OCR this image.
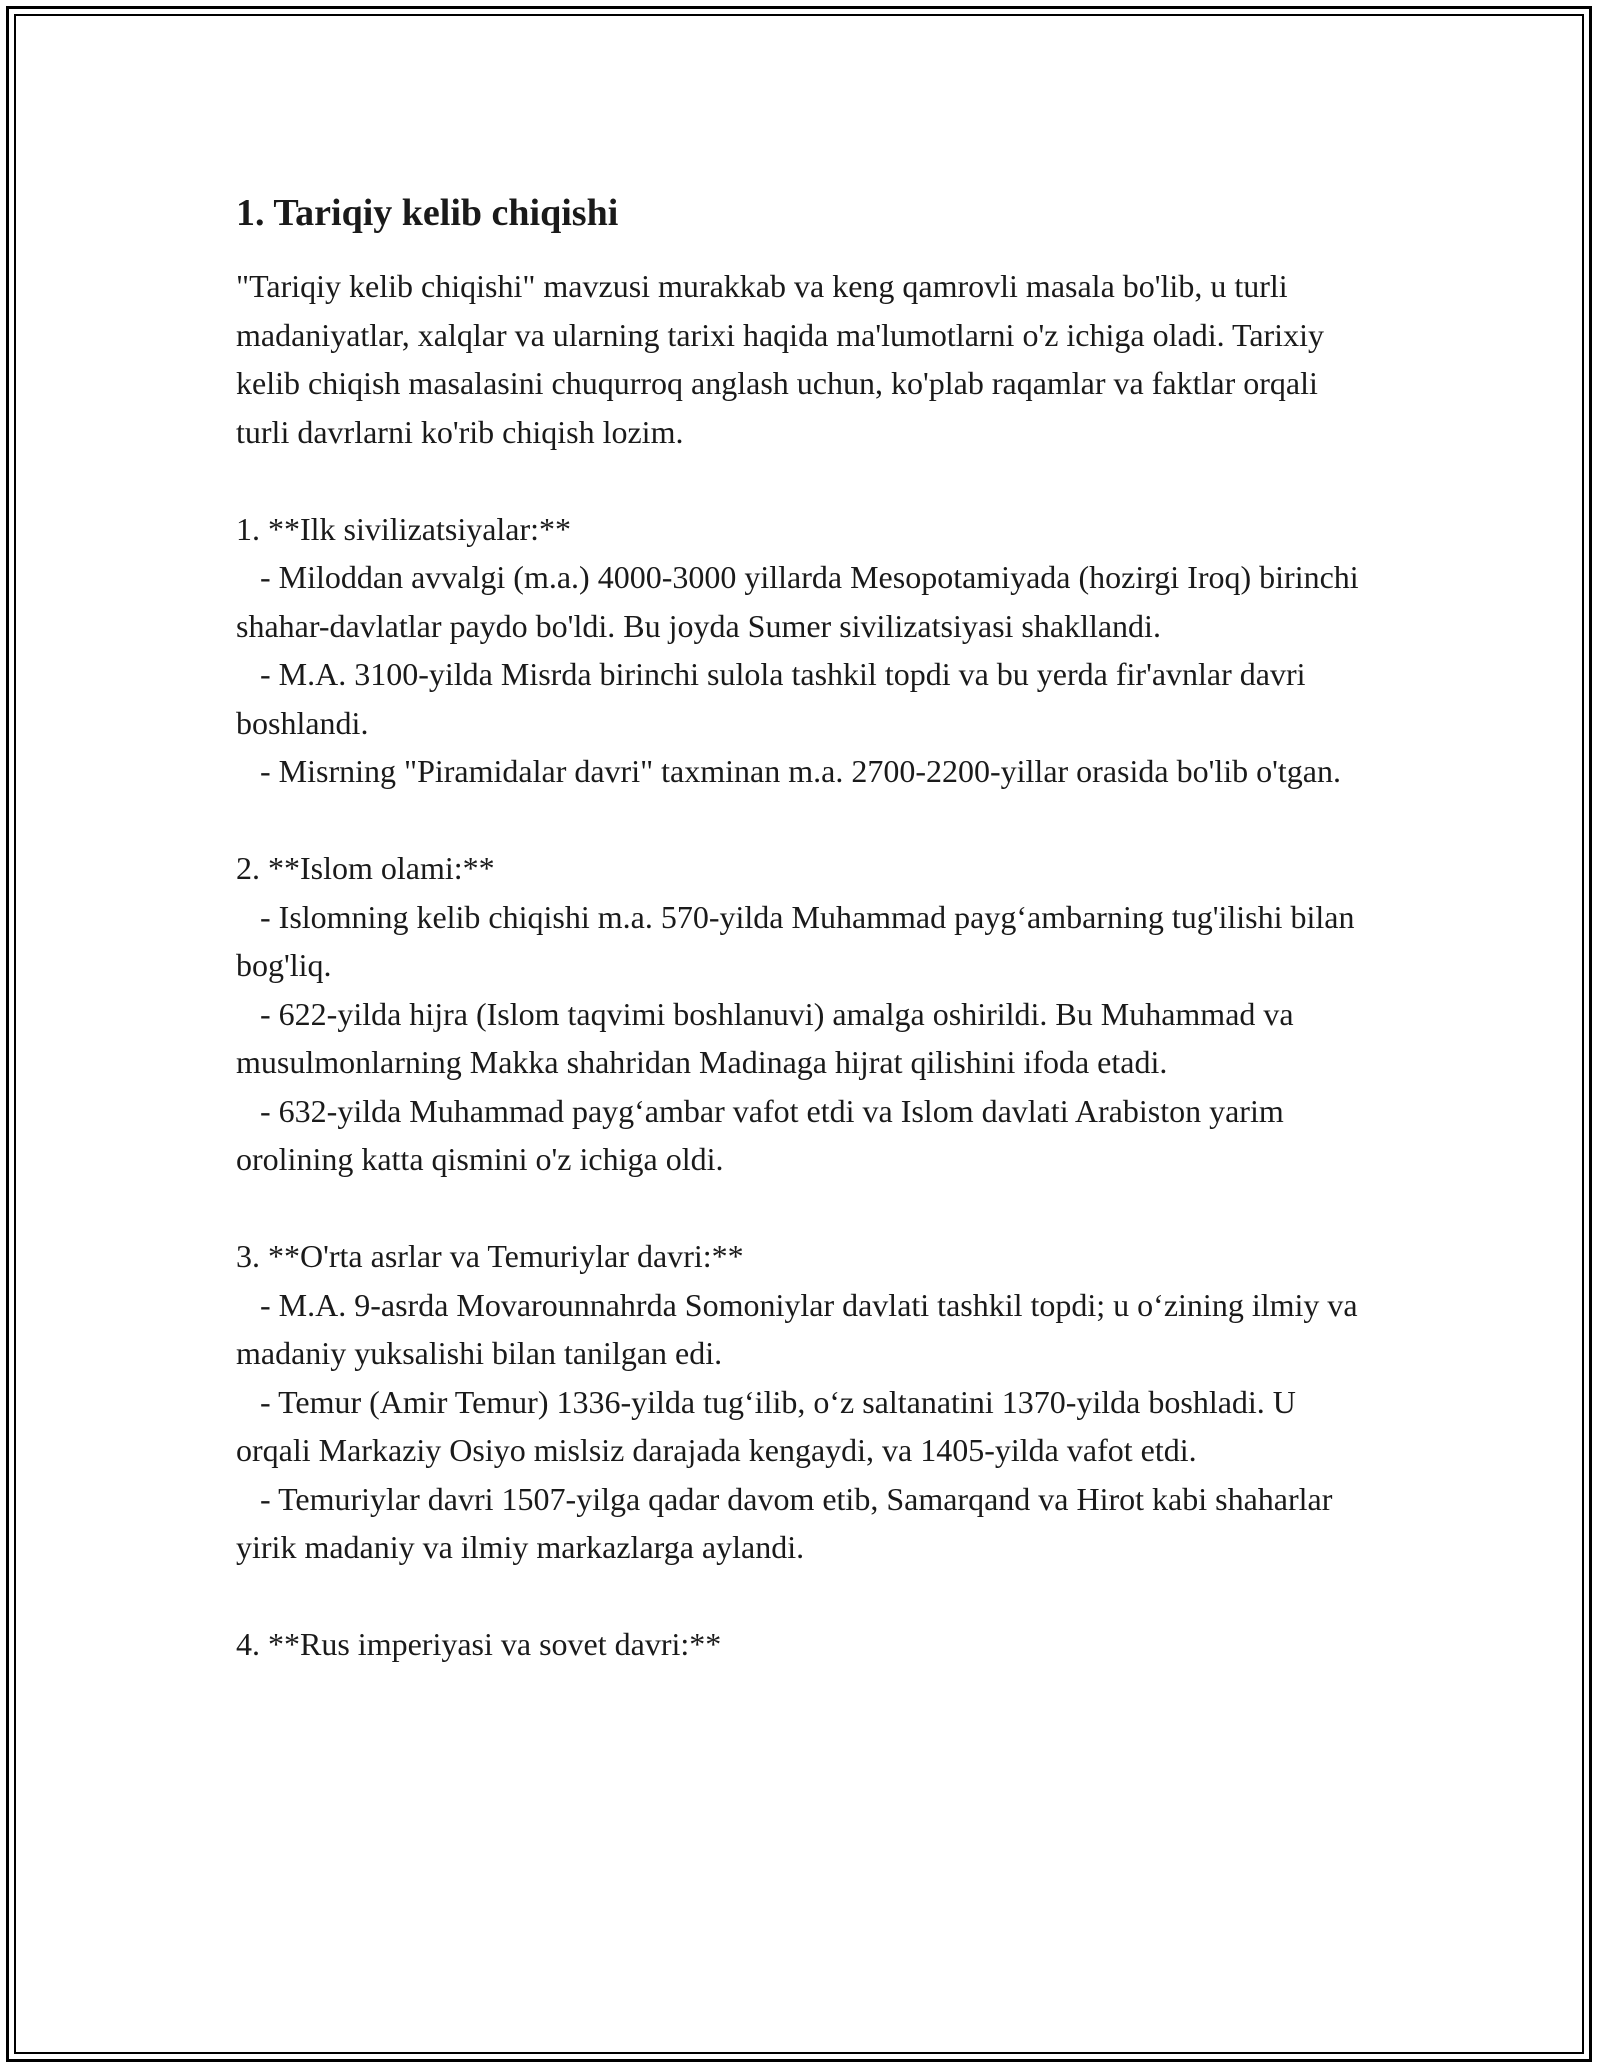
1. Tariqiy kelib chiqishi

"Tariqiy kelib chiqishi" mavzusi murakkab va keng qamrovli masala bo'lib, u turli madaniyatlar, xalqlar va ularning tarixi haqida ma'lumotlarni o'z ichiga oladi. Tarixiy kelib chiqish masalasini chuqurroq anglash uchun, ko'plab raqamlar va faktlar orqali turli davrlarni ko'rib chiqish lozim.

1. **Ilk sivilizatsiyalar:**

- Miloddan avvalgi (m.a.) 4000-3000 yillarda Mesopotamiyada (hozirgi Iroq) birinchi shahar-davlatlar paydo bo'ldi. Bu joyda Sumer sivilizatsiyasi shakllandi.

- M.A. 3100-yilda Misrda birinchi sulola tashkil topdi va bu yerda fir'avnlar davri boshlandi.

- Misrning "Piramidalar davri" taxminan m.a. 2700-2200-yillar orasida bo'lib o'tgan.

2. **Islom olami:**

- Islomning kelib chiqishi m.a. 570-yilda Muhammad payg‘ambarning tug'ilishi bilan bog'liq.

- 622-yilda hijra (Islom taqvimi boshlanuvi) amalga oshirildi. Bu Muhammad va musulmonlarning Makka shahridan Madinaga hijrat qilishini ifoda etadi.

- 632-yilda Muhammad payg‘ambar vafot etdi va Islom davlati Arabiston yarim orolining katta qismini o'z ichiga oldi.

3. **O'rta asrlar va Temuriylar davri:**

- M.A. 9-asrda Movarounnahrda Somoniylar davlati tashkil topdi; u o‘zining ilmiy va madaniy yuksalishi bilan tanilgan edi.

- Temur (Amir Temur) 1336-yilda tug‘ilib, o‘z saltanatini 1370-yilda boshladi. U orqali Markaziy Osiyo mislsiz darajada kengaydi, va 1405-yilda vafot etdi.

- Temuriylar davri 1507-yilga qadar davom etib, Samarqand va Hirot kabi shaharlar yirik madaniy va ilmiy markazlarga aylandi.

4. **Rus imperiyasi va sovet davri:**
